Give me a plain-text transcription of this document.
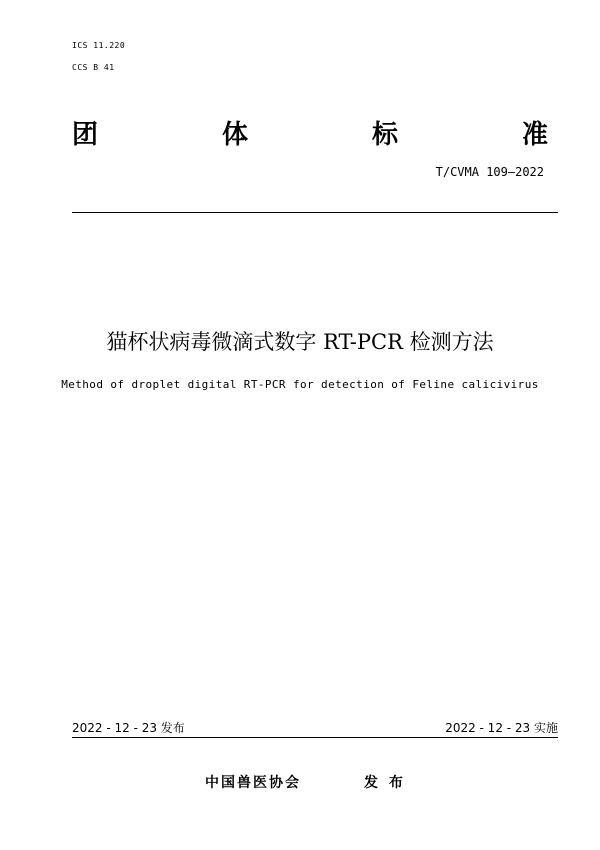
ICS 11.220
CCS B 41
团	体	标	准
T/CVMA 109—2022
猫杯状病毒微滴式数字 RT-PCR 检测方法
Method of droplet digital RT-PCR for detection of Feline calicivirus
2022 - 12 - 23 发布	2022 - 12 - 23 实施
中国兽医协会	发 布
